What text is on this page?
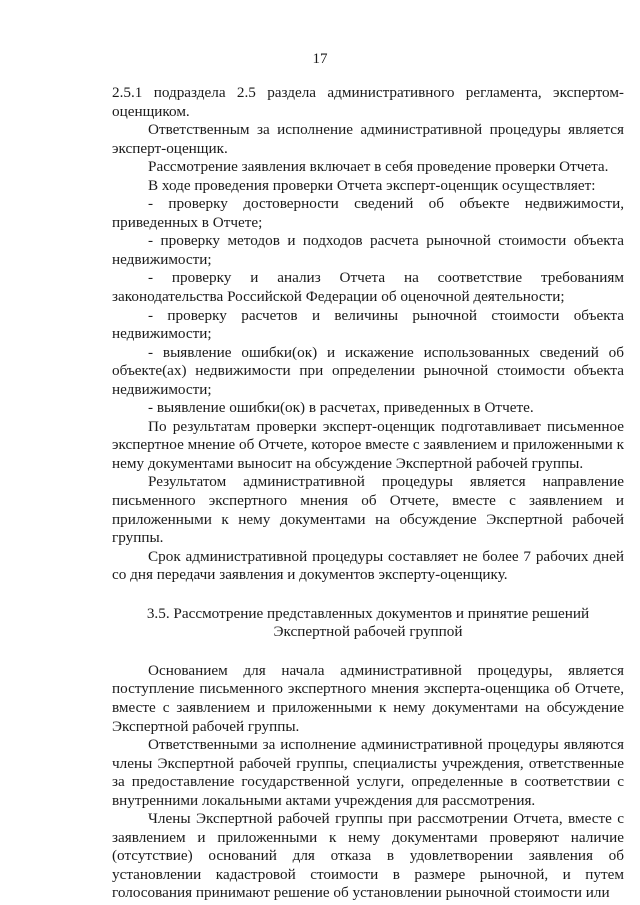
17

2.5.1 подраздела 2.5 раздела административного регламента, экспертом-оценщиком.

Ответственным за исполнение административной процедуры является эксперт-оценщик.

Рассмотрение заявления включает в себя проведение проверки Отчета.

В ходе проведения проверки Отчета эксперт-оценщик осуществляет:

- проверку достоверности сведений об объекте недвижимости, приведенных в Отчете;

- проверку методов и подходов расчета рыночной стоимости объекта недвижимости;

- проверку и анализ Отчета на соответствие требованиям законодательства Российской Федерации об оценочной деятельности;

- проверку расчетов и величины рыночной стоимости объекта недвижимости;

- выявление ошибки(ок) и искажение использованных сведений об объекте(ах) недвижимости при определении рыночной стоимости объекта недвижимости;

- выявление ошибки(ок) в расчетах, приведенных в Отчете.

По результатам проверки эксперт-оценщик подготавливает письменное экспертное мнение об Отчете, которое вместе с заявлением и приложенными к нему документами выносит на обсуждение Экспертной рабочей группы.

Результатом административной процедуры является направление письменного экспертного мнения об Отчете, вместе с заявлением и приложенными к нему документами на обсуждение Экспертной рабочей группы.

Срок административной процедуры составляет не более 7 рабочих дней со дня передачи заявления и документов эксперту-оценщику.

3.5. Рассмотрение представленных документов и принятие решений
Экспертной рабочей группой

Основанием для начала административной процедуры, является поступление письменного экспертного мнения эксперта-оценщика об Отчете, вместе с заявлением и приложенными к нему документами на обсуждение Экспертной рабочей группы.

Ответственными за исполнение административной процедуры являются члены Экспертной рабочей группы, специалисты учреждения, ответственные за предоставление государственной услуги, определенные в соответствии с внутренними локальными актами учреждения для рассмотрения.

Члены Экспертной рабочей группы при рассмотрении Отчета, вместе с заявлением и приложенными к нему документами проверяют наличие (отсутствие) оснований для отказа в удовлетворении заявления об установлении кадастровой стоимости в размере рыночной, и путем голосования принимают решение об установлении рыночной стоимости или
